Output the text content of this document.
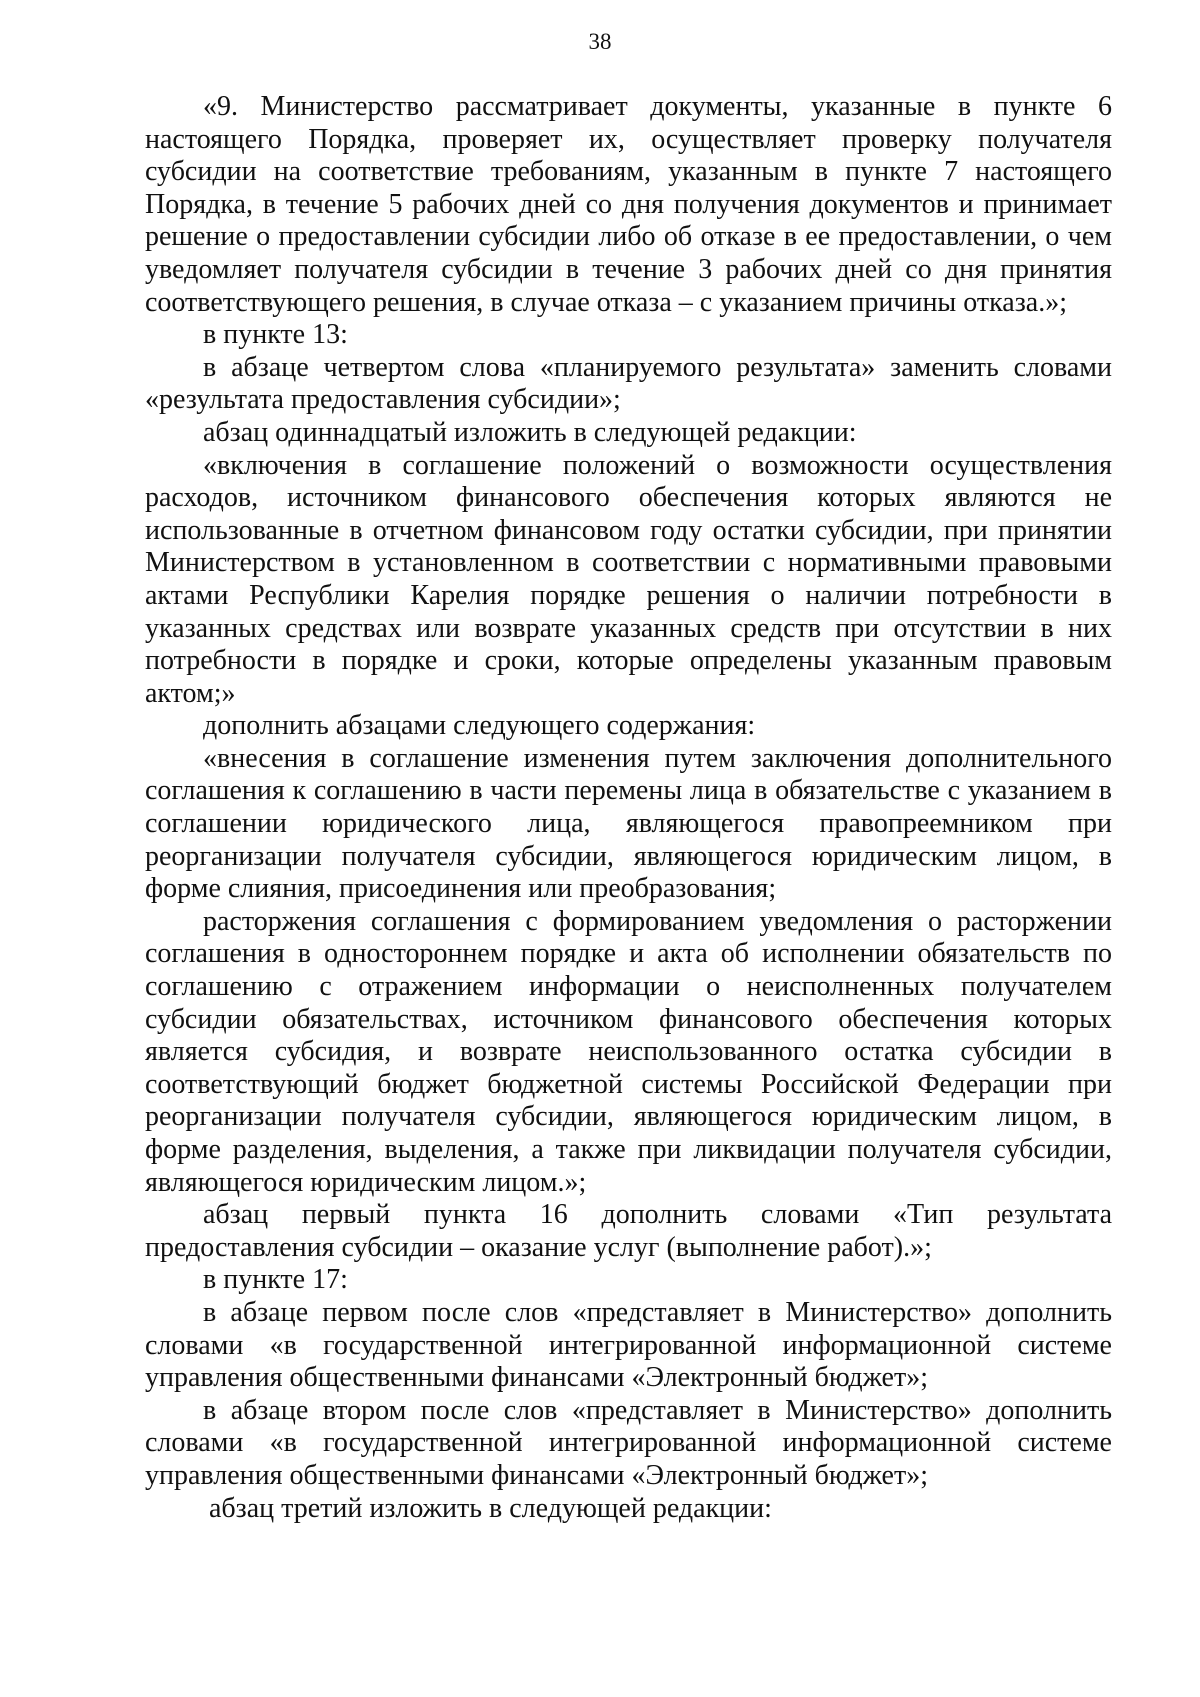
38

«9. Министерство рассматривает документы, указанные в пункте 6 настоящего Порядка, проверяет их, осуществляет проверку получателя субсидии на соответствие требованиям, указанным в пункте 7 настоящего Порядка, в течение 5 рабочих дней со дня получения документов и принимает решение о предоставлении субсидии либо об отказе в ее предоставлении, о чем уведомляет получателя субсидии в течение 3 рабочих дней со дня принятия соответствующего решения, в случае отказа – с указанием причины отказа.»;

в пункте 13:

в абзаце четвертом слова «планируемого результата» заменить словами «результата предоставления субсидии»;

абзац одиннадцатый изложить в следующей редакции:

«включения в соглашение положений о возможности осуществления расходов, источником финансового обеспечения которых являются не использованные в отчетном финансовом году остатки субсидии, при принятии Министерством в установленном в соответствии с нормативными правовыми актами Республики Карелия порядке решения о наличии потребности в указанных средствах или возврате указанных средств при отсутствии в них потребности в порядке и сроки, которые определены указанным правовым актом;»

дополнить абзацами следующего содержания:

«внесения в соглашение изменения путем заключения дополнительного соглашения к соглашению в части перемены лица в обязательстве с указанием в соглашении юридического лица, являющегося правопреемником при реорганизации получателя субсидии, являющегося юридическим лицом, в форме слияния, присоединения или преобразования;

расторжения соглашения с формированием уведомления о расторжении соглашения в одностороннем порядке и акта об исполнении обязательств по соглашению с отражением информации о неисполненных получателем субсидии обязательствах, источником финансового обеспечения которых является субсидия, и возврате неиспользованного остатка субсидии в соответствующий бюджет бюджетной системы Российской Федерации при реорганизации получателя субсидии, являющегося юридическим лицом, в форме разделения, выделения, а также при ликвидации получателя субсидии, являющегося юридическим лицом.»;

абзац первый пункта 16 дополнить словами «Тип результата предоставления субсидии – оказание услуг (выполнение работ).»;

в пункте 17:

в абзаце первом после слов «представляет в Министерство» дополнить словами «в государственной интегрированной информационной системе управления общественными финансами «Электронный бюджет»;

в абзаце втором после слов «представляет в Министерство» дополнить словами «в государственной интегрированной информационной системе управления общественными финансами «Электронный бюджет»;

абзац третий изложить в следующей редакции:
